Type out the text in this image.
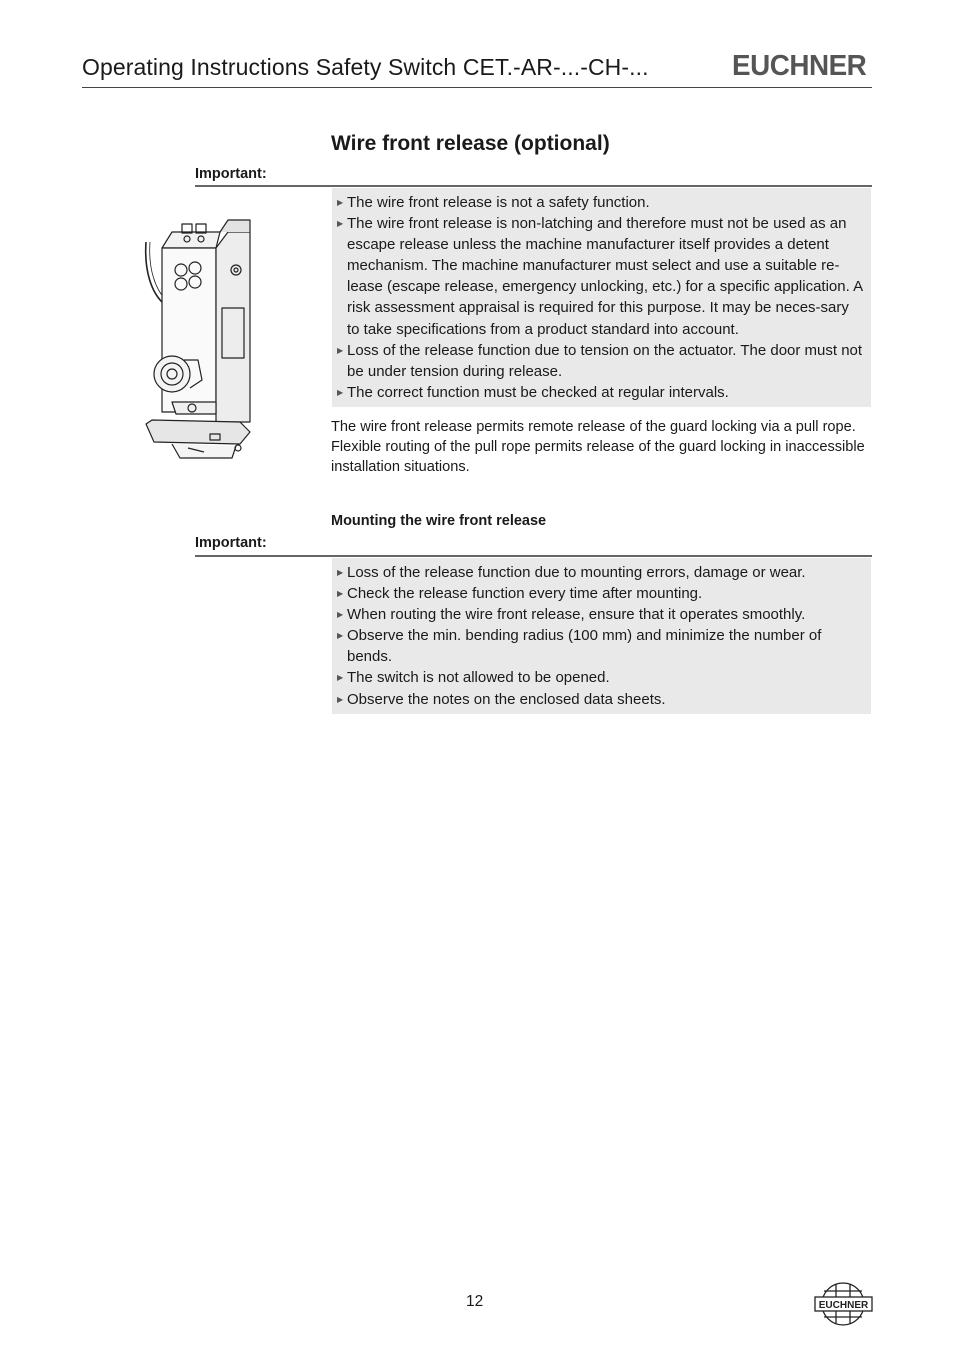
Operating Instructions Safety Switch CET.-AR-...-CH-...	EUCHNER
Wire front release (optional)
Important:
▶ The wire front release is not a safety function.
▶ The wire front release is non-latching and therefore must not be used as an escape release unless the machine manufacturer itself provides a detent mechanism. The machine manufacturer must select and use a suitable re-lease (escape release, emergency unlocking, etc.) for a specific application. A risk assessment appraisal is required for this purpose. It may be neces-sary to take specifications from a product standard into account.
▶ Loss of the release function due to tension on the actuator. The door must not be under tension during release.
▶ The correct function must be checked at regular intervals.
The wire front release permits remote release of the guard locking via a pull rope. Flexible routing of the pull rope permits release of the guard locking in inaccessible installation situations.
Mounting the wire front release
Important:
▶ Loss of the release function due to mounting errors, damage or wear.
▶ Check the release function every time after mounting.
▶ When routing the wire front release, ensure that it operates smoothly.
▶ Observe the min. bending radius (100 mm) and minimize the number of bends.
▶ The switch is not allowed to be opened.
▶ Observe the notes on the enclosed data sheets.
12	EUCHNER
